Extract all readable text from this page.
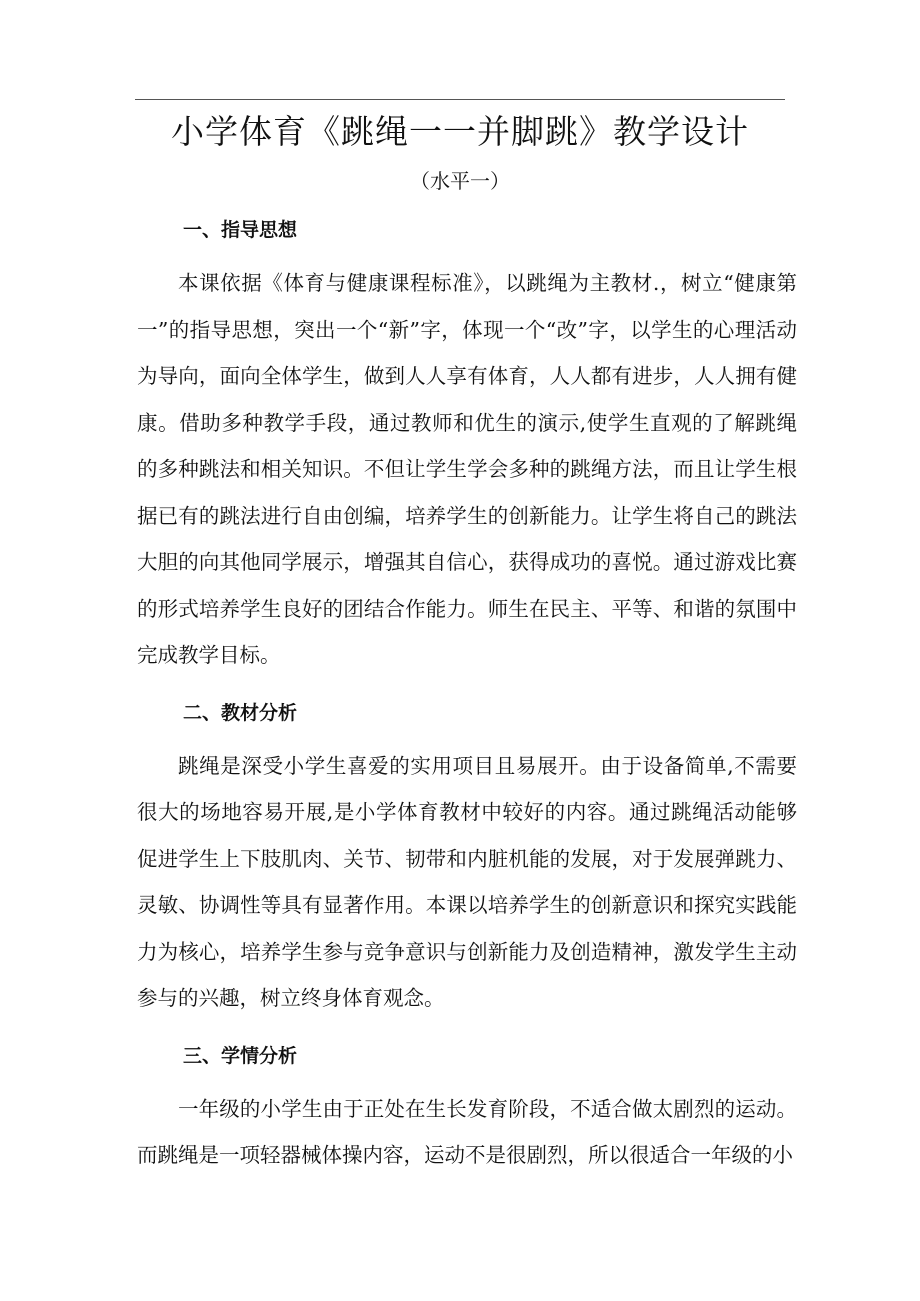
小学体育《跳绳一一并脚跳》教学设计
（水平一）
一、指导思想

本课依据《体育与健康课程标准》，以跳绳为主教材.，树立“健康第一”的指导思想，突出一个“新”字，体现一个“改”字，以学生的心理活动为导向，面向全体学生，做到人人享有体育，人人都有进步，人人拥有健康。借助多种教学手段，通过教师和优生的演示,使学生直观的了解跳绳的多种跳法和相关知识。不但让学生学会多种的跳绳方法，而且让学生根据已有的跳法进行自由创编，培养学生的创新能力。让学生将自己的跳法大胆的向其他同学展示，增强其自信心，获得成功的喜悦。通过游戏比赛的形式培养学生良好的团结合作能力。师生在民主、平等、和谐的氛围中完成教学目标。

二、教材分析

跳绳是深受小学生喜爱的实用项目且易展开。由于设备简单,不需要很大的场地容易开展,是小学体育教材中较好的内容。通过跳绳活动能够促进学生上下肢肌肉、关节、韧带和内脏机能的发展，对于发展弹跳力、灵敏、协调性等具有显著作用。本课以培养学生的创新意识和探究实践能力为核心，培养学生参与竞争意识与创新能力及创造精神，激发学生主动参与的兴趣，树立终身体育观念。

三、学情分析

一年级的小学生由于正处在生长发育阶段，不适合做太剧烈的运动。而跳绳是一项轻器械体操内容，运动不是很剧烈，所以很适合一年级的小
